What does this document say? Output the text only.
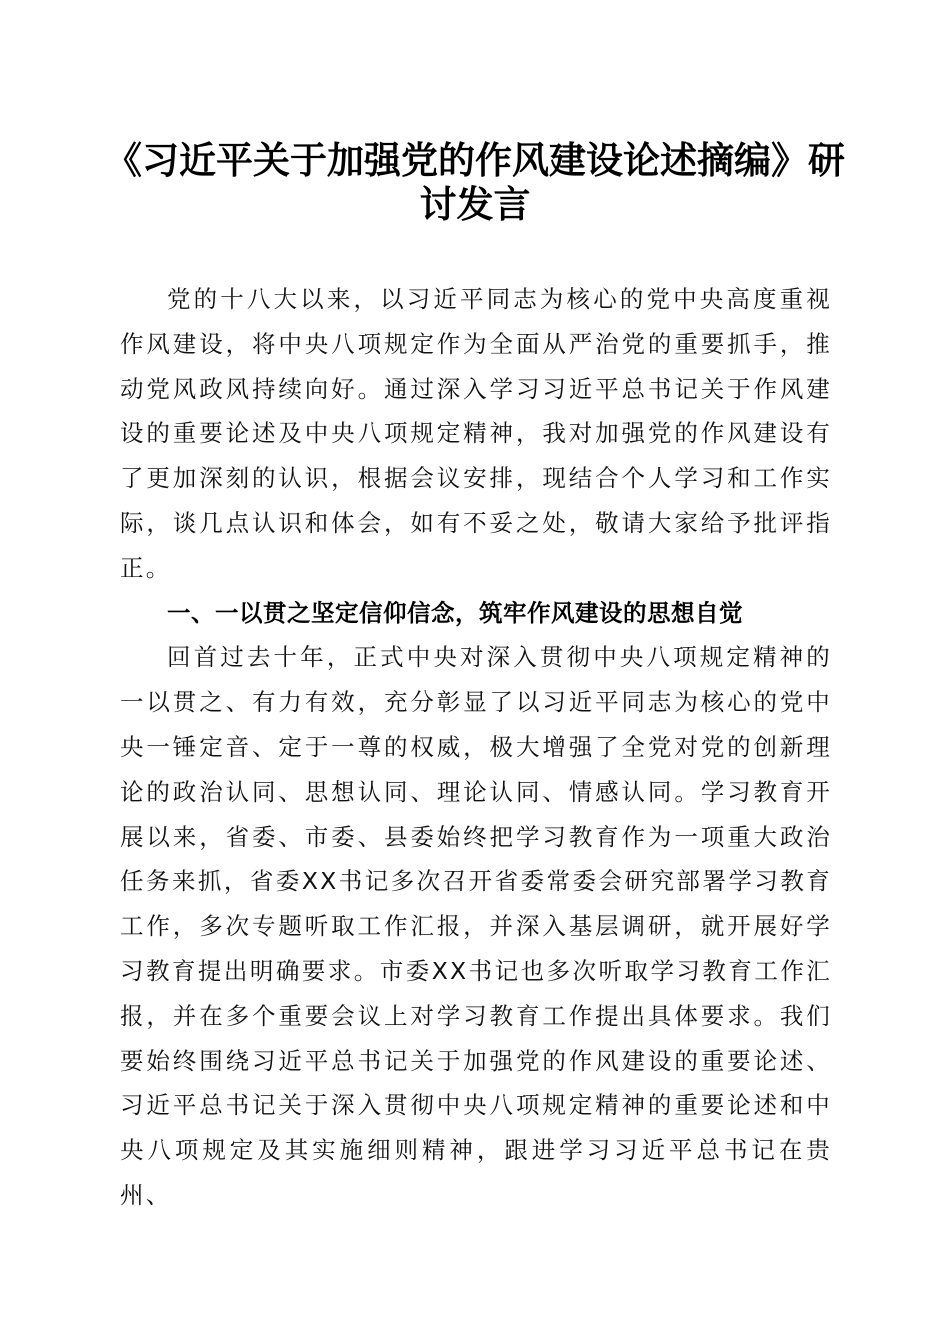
《习近平关于加强党的作风建设论述摘编》研讨发言

党的十八大以来，以习近平同志为核心的党中央高度重视作风建设，将中央八项规定作为全面从严治党的重要抓手，推动党风政风持续向好。通过深入学习习近平总书记关于作风建设的重要论述及中央八项规定精神，我对加强党的作风建设有了更加深刻的认识，根据会议安排，现结合个人学习和工作实际，谈几点认识和体会，如有不妥之处，敬请大家给予批评指正。

一、一以贯之坚定信仰信念，筑牢作风建设的思想自觉

回首过去十年，正式中央对深入贯彻中央八项规定精神的一以贯之、有力有效，充分彰显了以习近平同志为核心的党中央一锤定音、定于一尊的权威，极大增强了全党对党的创新理论的政治认同、思想认同、理论认同、情感认同。学习教育开展以来，省委、市委、县委始终把学习教育作为一项重大政治任务来抓，省委XX书记多次召开省委常委会研究部署学习教育工作，多次专题听取工作汇报，并深入基层调研，就开展好学习教育提出明确要求。市委XX书记也多次听取学习教育工作汇报，并在多个重要会议上对学习教育工作提出具体要求。我们要始终围绕习近平总书记关于加强党的作风建设的重要论述、习近平总书记关于深入贯彻中央八项规定精神的重要论述和中央八项规定及其实施细则精神，跟进学习习近平总书记在贵州、
